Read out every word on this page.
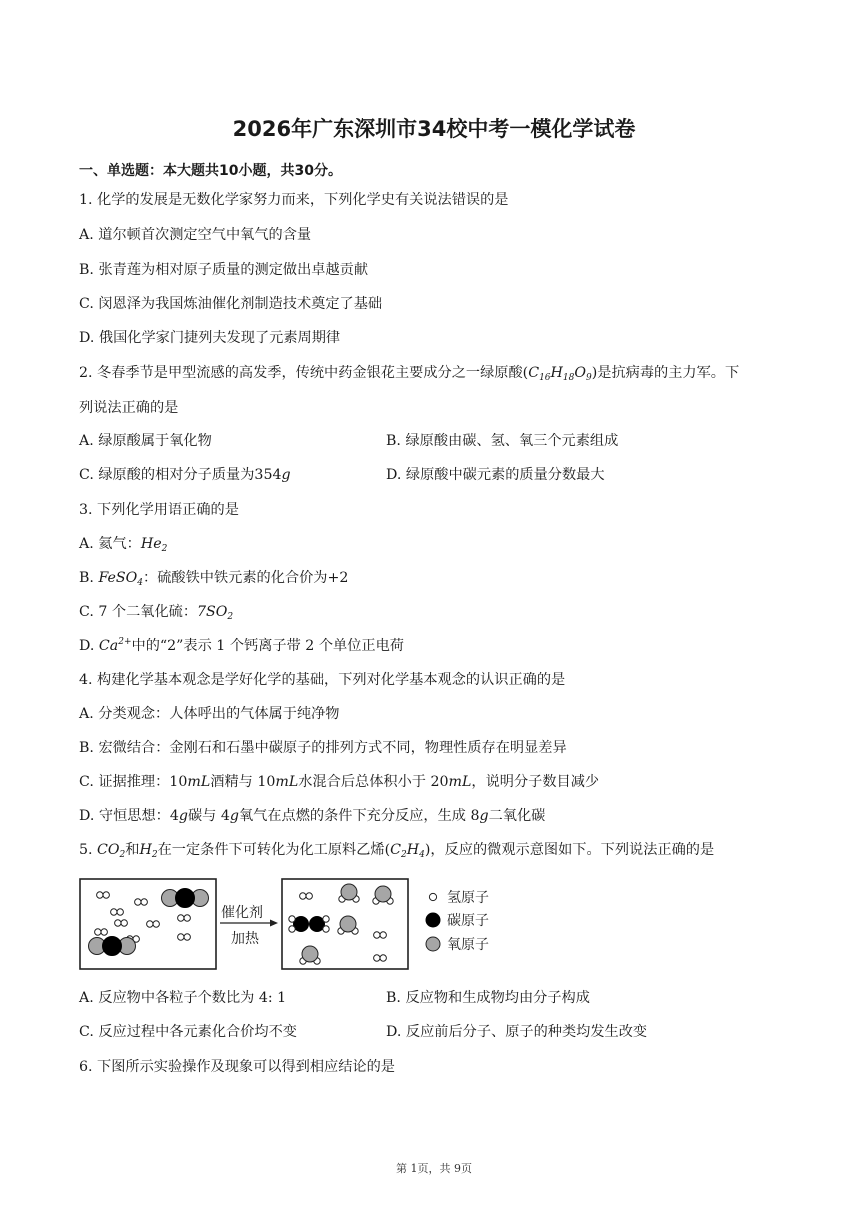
2026年广东深圳市34校中考一模化学试卷
一、单选题：本大题共10小题，共30分。
1. 化学的发展是无数化学家努力而来，下列化学史有关说法错误的是
A. 道尔顿首次测定空气中氧气的含量
B. 张青莲为相对原子质量的测定做出卓越贡献
C. 闵恩泽为我国炼油催化剂制造技术奠定了基础
D. 俄国化学家门捷列夫发现了元素周期律
2. 冬春季节是甲型流感的高发季，传统中药金银花主要成分之一绿原酸$(C_{16}H_{18}O_9)$是抗病毒的主力军。下
列说法正确的是
A. 绿原酸属于氧化物	B. 绿原酸由碳、氢、氧三个元素组成
C. 绿原酸的相对分子质量为354g	D. 绿原酸中碳元素的质量分数最大
3. 下列化学用语正确的是
A. 氦气：$He_2$
B. FeSO$_4$：硫酸铁中铁元素的化合价为+2
C. 7 个二氧化硫：$7SO_2$
D. $Ca^{2+}$中的“2”表示 1 个钙离子带 2 个单位正电荷
4. 构建化学基本观念是学好化学的基础，下列对化学基本观念的认识正确的是
A. 分类观念：人体呼出的气体属于纯净物
B. 宏微结合：金刚石和石墨中碳原子的排列方式不同，物理性质存在明显差异
C. 证据推理：10mL酒精与 10mL水混合后总体积小于 20mL，说明分子数目减少
D. 守恒思想：4g碳与 4g氧气在点燃的条件下充分反应，生成 8g二氧化碳
5. $CO_2$和$H_2$在一定条件下可转化为化工原料乙烯$(C_2H_4)$，反应的微观示意图如下。下列说法正确的是
催化剂
加热
氢原子
碳原子
氧原子
A. 反应物中各粒子个数比为 4: 1	B. 反应物和生成物均由分子构成
C. 反应过程中各元素化合价均不变	D. 反应前后分子、原子的种类均发生改变
6. 下图所示实验操作及现象可以得到相应结论的是
第 1页，共 9页
